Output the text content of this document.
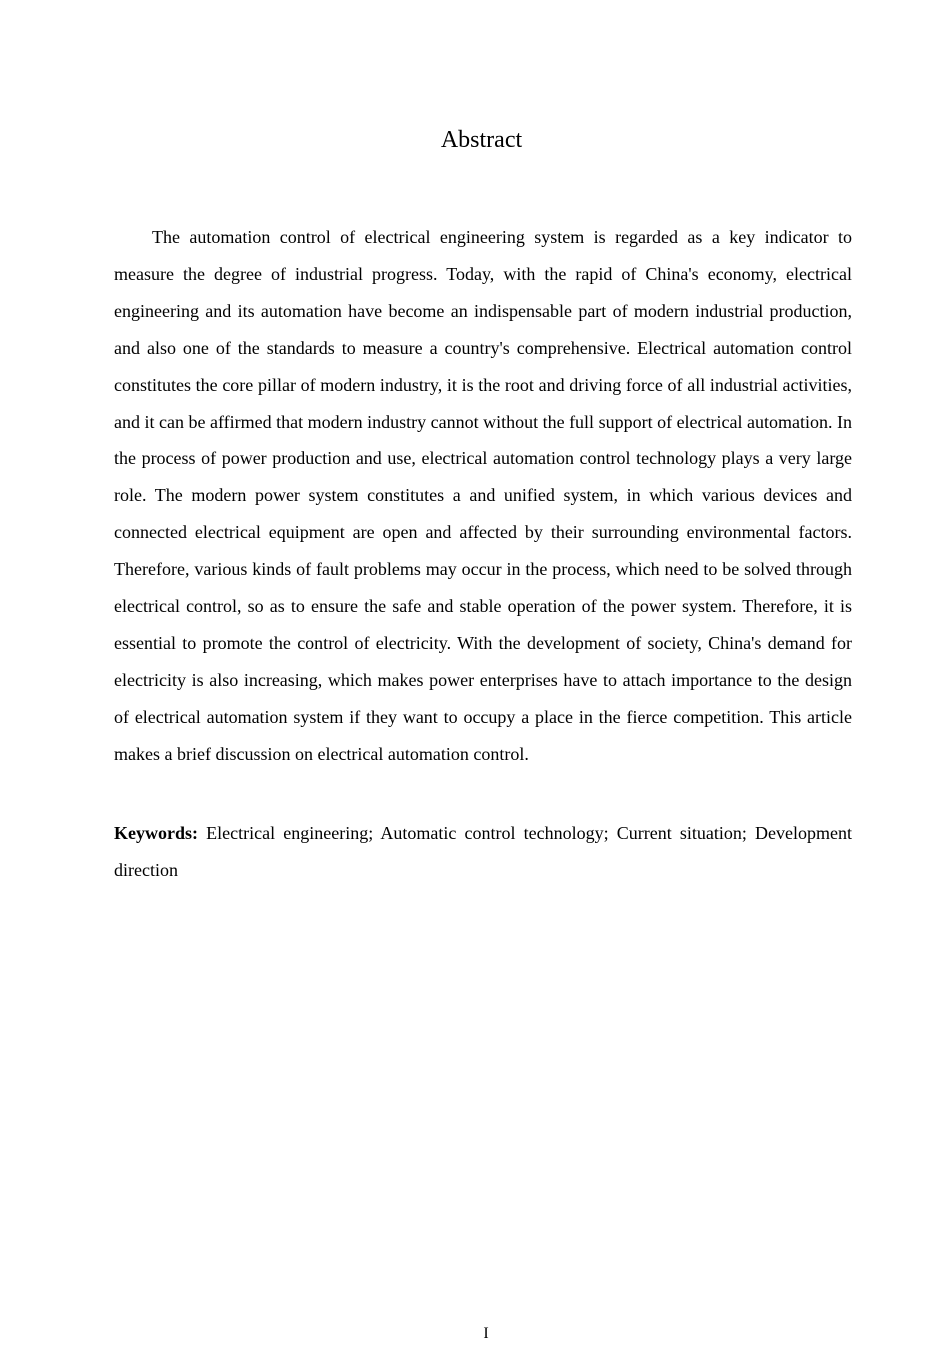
Abstract

The automation control of electrical engineering system is regarded as a key indicator to measure the degree of industrial progress. Today, with the rapid of China's economy, electrical engineering and its automation have become an indispensable part of modern industrial production, and also one of the standards to measure a country's comprehensive. Electrical automation control constitutes the core pillar of modern industry, it is the root and driving force of all industrial activities, and it can be affirmed that modern industry cannot without the full support of electrical automation. In the process of power production and use, electrical automation control technology plays a very large role. The modern power system constitutes a and unified system, in which various devices and connected electrical equipment are open and affected by their surrounding environmental factors. Therefore, various kinds of fault problems may occur in the process, which need to be solved through electrical control, so as to ensure the safe and stable operation of the power system. Therefore, it is essential to promote the control of electricity. With the development of society, China's demand for electricity is also increasing, which makes power enterprises have to attach importance to the design of electrical automation system if they want to occupy a place in the fierce competition. This article makes a brief discussion on electrical automation control.

Keywords: Electrical engineering; Automatic control technology; Current situation; Development direction

I
